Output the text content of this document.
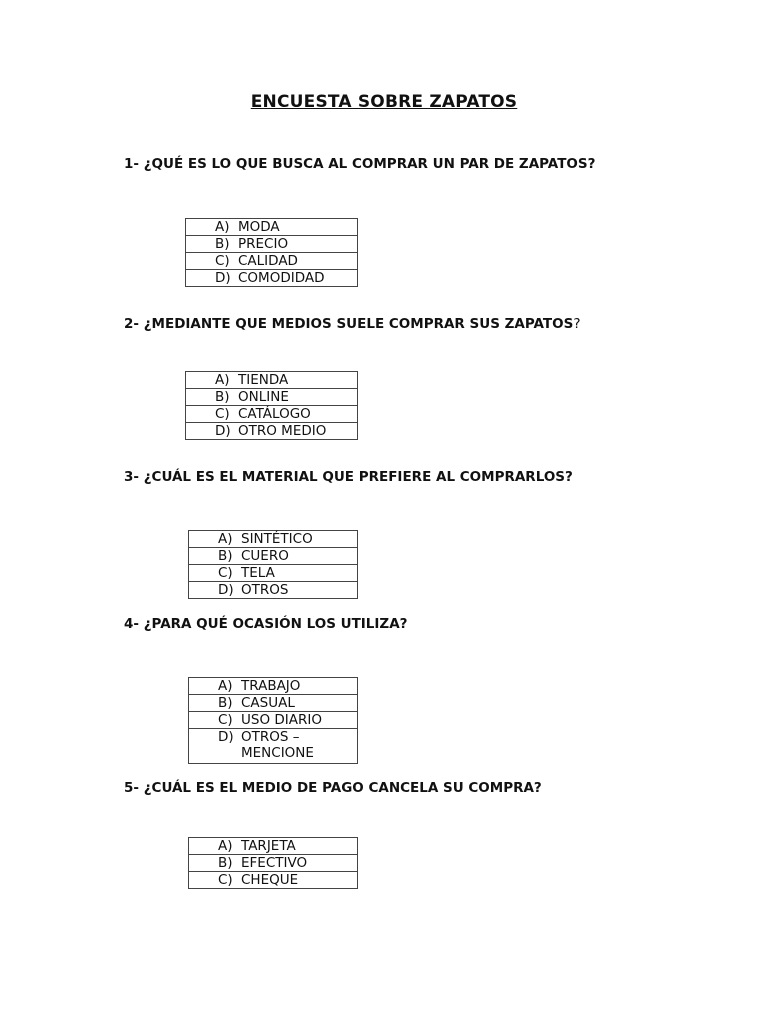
ENCUESTA SOBRE ZAPATOS
1- ¿QUÉ ES LO QUE BUSCA AL COMPRAR UN PAR DE ZAPATOS?
A) MODA

B) PRECIO

C) CALIDAD

D) COMODIDAD
2- ¿MEDIANTE QUE MEDIOS SUELE COMPRAR SUS ZAPATOS?
A) TIENDA

B) ONLINE

C) CATÁLOGO

D) OTRO MEDIO
3- ¿CUÁL ES EL MATERIAL QUE PREFIERE AL COMPRARLOS?
A) SINTÉTICO

B) CUERO

C) TELA

D) OTROS
4- ¿PARA QUÉ OCASIÓN LOS UTILIZA?
A) TRABAJO

B) CASUAL

C) USO DIARIO

D) OTROS –
MENCIONE
5- ¿CUÁL ES EL MEDIO DE PAGO CANCELA SU COMPRA?
A) TARJETA

B) EFECTIVO

C) CHEQUE
